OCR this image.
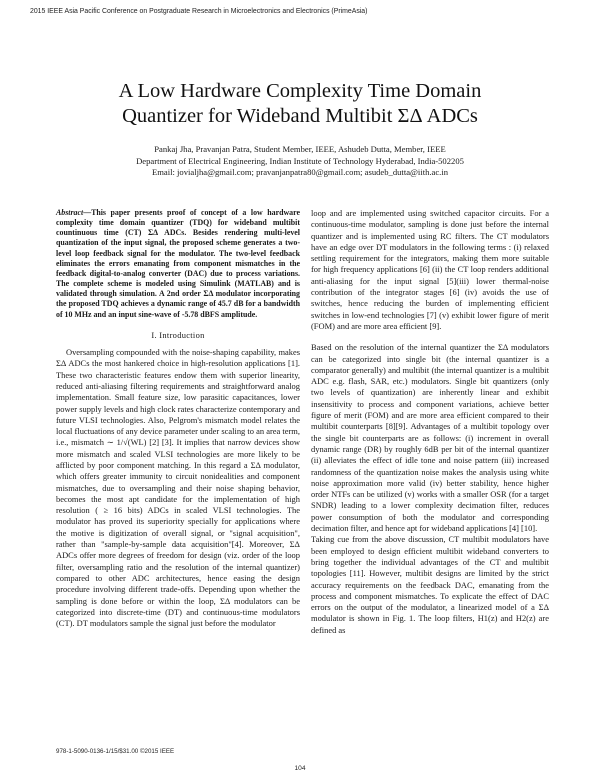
2015 IEEE Asia Pacific Conference on Postgraduate Research in Microelectronics and Electronics (PrimeAsia)
A Low Hardware Complexity Time Domain
Quantizer for Wideband Multibit ΣΔ ADCs
Pankaj Jha, Pravanjan Patra, Student Member, IEEE, Ashudeb Dutta, Member, IEEE
Department of Electrical Engineering, Indian Institute of Technology Hyderabad, India-502205
Email: jovialjha@gmail.com; pravanjanpatra80@gmail.com; asudeb_dutta@iith.ac.in
Abstract—This paper presents proof of concept of a low hardware complexity time domain quantizer (TDQ) for wideband multibit countinuous time (CT) ΣΔ ADCs. Besides rendering multi-level quantization of the input signal, the proposed scheme generates a two-level loop feedback signal for the modulator. The two-level feedback eliminates the errors emanating from component mismatches in the feedback digital-to-analog converter (DAC) due to process variations. The complete scheme is modeled using Simulink (MATLAB) and is validated through simulation. A 2nd order ΣΔ modulator incorporating the proposed TDQ achieves a dynamic range of 45.7 dB for a bandwidth of 10 MHz and an input sine-wave of -5.78 dBFS amplitude.
I. Introduction

Oversampling compounded with the noise-shaping capability, makes ΣΔ ADCs the most hankered choice in high-resolution applications [1]. These two characteristic features endow them with superior linearity, reduced anti-aliasing filtering requirements and straightforward analog implementation. Small feature size, low parasitic capacitances, lower power supply levels and high clock rates characterize contemporary and future VLSI technologies. Also, Pelgrom's mismatch model relates the local fluctuations of any device parameter under scaling to an area term, i.e., mismatch ∼ 1/√(WL) [2] [3]. It implies that narrow devices show more mismatch and scaled VLSI technologies are more likely to be afflicted by poor component matching. In this regard a ΣΔ modulator, which offers greater immunity to circuit nonidealities and component mismatches, due to oversampling and their noise shaping behavior, becomes the most apt candidate for the implementation of high resolution ( ≥ 16 bits) ADCs in scaled VLSI technologies. The modulator has proved its superiority specially for applications where the motive is digitization of overall signal, or "signal acquisition", rather than "sample-by-sample data acquisition"[4]. Moreover, ΣΔ ADCs offer more degrees of freedom for design (viz. order of the loop filter, oversampling ratio and the resolution of the internal quantizer) compared to other ADC architectures, hence easing the design procedure involving different trade-offs. Depending upon whether the sampling is done before or within the loop, ΣΔ modulators can be categorized into discrete-time (DT) and continuous-time modulators (CT). DT modulators sample the signal just before the modulator

loop and are implemented using switched capacitor circuits. For a continuous-time modulator, sampling is done just before the internal quantizer and is implemented using RC filters. The CT modulators have an edge over DT modulators in the following terms : (i) relaxed settling requirement for the integrators, making them more suitable for high frequency applications [6] (ii) the CT loop renders additional anti-aliasing for the input signal [5](iii) lower thermal-noise contribution of the integrator stages [6] (iv) avoids the use of switches, hence reducing the burden of implementing efficient switches in low-end technologies [7] (v) exhibit lower figure of merit (FOM) and are more area efficient [9].

Based on the resolution of the internal quantizer the ΣΔ modulators can be categorized into single bit (the internal quantizer is a comparator generally) and multibit (the internal quantizer is a multibit ADC e.g. flash, SAR, etc.) modulators. Single bit quantizers (only two levels of quantization) are inherently linear and exhibit insensitivity to process and component variations, achieve better figure of merit (FOM) and are more area efficient compared to their multibit counterparts [8][9]. Advantages of a multibit topology over the single bit counterparts are as follows: (i) increment in overall dynamic range (DR) by roughly 6dB per bit of the internal quantizer (ii) alleviates the effect of idle tone and noise pattern (iii) increased randomness of the quantization noise makes the analysis using white noise approximation more valid (iv) better stability, hence higher order NTFs can be utilized (v) works with a smaller OSR (for a target SNDR) leading to a lower complexity decimation filter, reduces power consumption of both the modulator and corresponding decimation filter, and hence apt for wideband applications [4] [10].

Taking cue from the above discussion, CT multibit modulators have been employed to design efficient multibit wideband converters to bring together the individual advantages of the CT and multibit topologies [11]. However, multibit designs are limited by the strict accuracy requirements on the feedback DAC, emanating from the process and component mismatches. To explicate the effect of DAC errors on the output of the modulator, a linearized model of a ΣΔ modulator is shown in Fig. 1. The loop filters, H1(z) and H2(z) are defined as

978-1-5090-0136-1/15/$31.00 ©2015 IEEE
104
